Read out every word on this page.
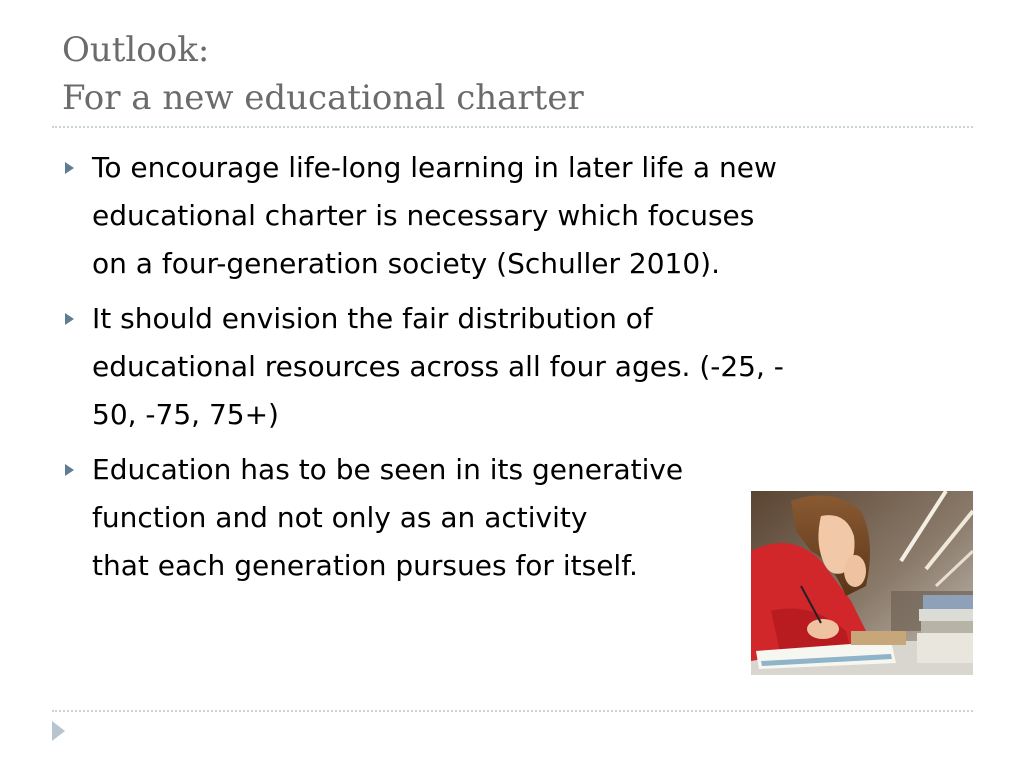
Outlook:
For a new educational charter
To encourage life-long learning in later life a new
educational charter is necessary which focuses
on a four-generation society (Schuller 2010).
It should envision the fair distribution of
educational resources across all four ages. (-25, -
50, -75, 75+)
Education has to be seen in its generative
function and not only as an activity
that each generation pursues for itself.
